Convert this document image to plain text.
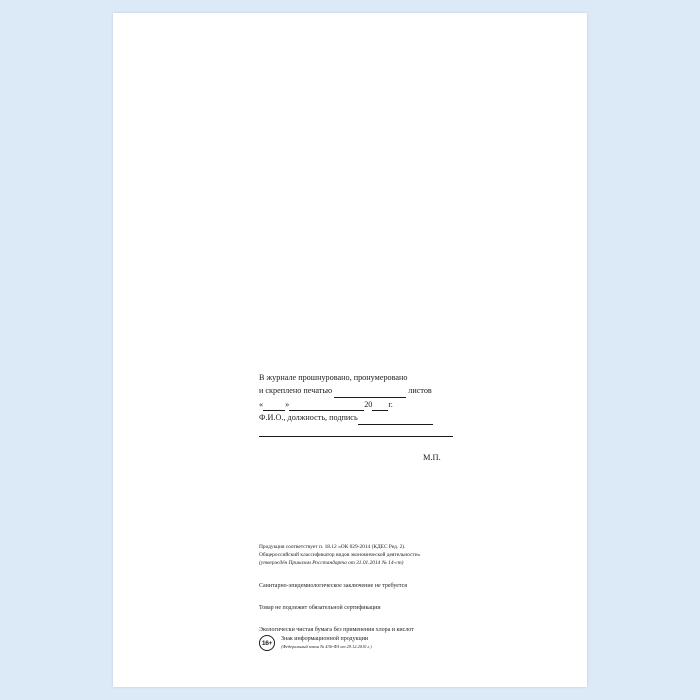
В журнале прошнуровано, пронумеровано
и скреплено печатью	листов
«	»	20 г.
Ф.И.О., должность, подпись
М.П.

Продукция соответствует п. 18.12 «ОК 029-2014 (КДЕС Ред. 2).
Общероссийский классификатор видов экономической деятельности»
(утверждён Приказом Росстандарта от 31.01.2014 № 14-ст)

Санитарно-эпидемиологическое заключение не требуется

Товар не подлежит обязательной сертификации

Экологически чистая бумага без применения хлора и кислот

16+
Знак информационной продукции
(Федеральный закон № 436-ФЗ от 29.12.2010 г.)
